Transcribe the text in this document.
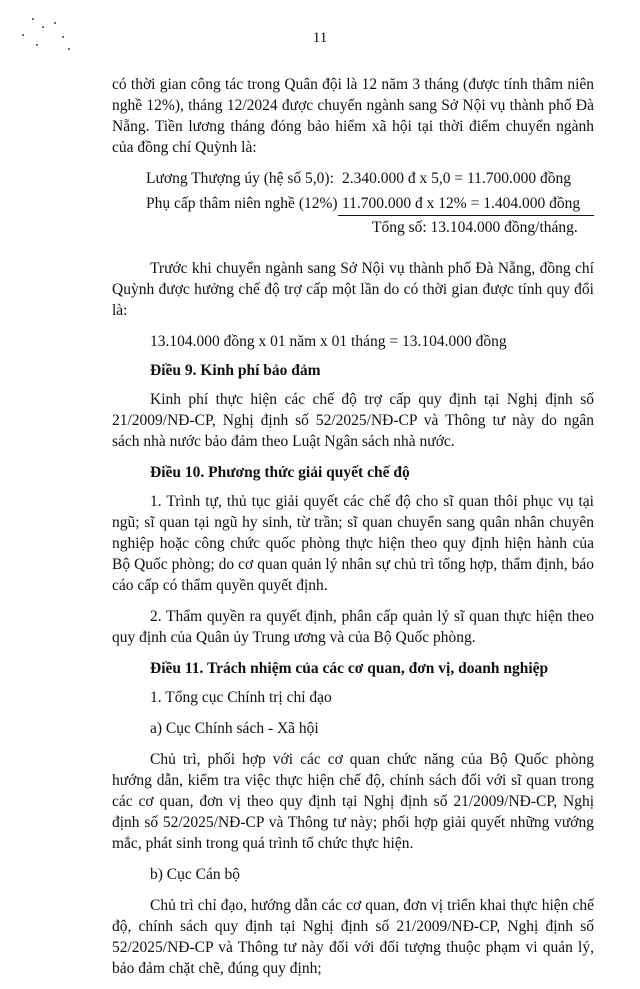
11

có thời gian công tác trong Quân đội là 12 năm 3 tháng (được tính thâm niên nghề 12%), tháng 12/2024 được chuyển ngành sang Sở Nội vụ thành phố Đà Nẵng. Tiền lương tháng đóng bảo hiểm xã hội tại thời điểm chuyển ngành của đồng chí Quỳnh là:

Lương Thượng úy (hệ số 5,0): 2.340.000 đ x 5,0 = 11.700.000 đồng
Phụ cấp thâm niên nghề (12%) 11.700.000 đ x 12% = 1.404.000 đồng
Tổng số: 13.104.000 đồng/tháng.

Trước khi chuyển ngành sang Sở Nội vụ thành phố Đà Nẵng, đồng chí Quỳnh được hưởng chế độ trợ cấp một lần do có thời gian được tính quy đổi là:

13.104.000 đồng x 01 năm x 01 tháng = 13.104.000 đồng

Điều 9. Kinh phí bảo đảm

Kinh phí thực hiện các chế độ trợ cấp quy định tại Nghị định số 21/2009/NĐ-CP, Nghị định số 52/2025/NĐ-CP và Thông tư này do ngân sách nhà nước bảo đảm theo Luật Ngân sách nhà nước.

Điều 10. Phương thức giải quyết chế độ

1. Trình tự, thủ tục giải quyết các chế độ cho sĩ quan thôi phục vụ tại ngũ; sĩ quan tại ngũ hy sinh, từ trần; sĩ quan chuyển sang quân nhân chuyên nghiệp hoặc công chức quốc phòng thực hiện theo quy định hiện hành của Bộ Quốc phòng; do cơ quan quản lý nhân sự chủ trì tổng hợp, thẩm định, báo cáo cấp có thẩm quyền quyết định.

2. Thẩm quyền ra quyết định, phân cấp quản lý sĩ quan thực hiện theo quy định của Quân ủy Trung ương và của Bộ Quốc phòng.

Điều 11. Trách nhiệm của các cơ quan, đơn vị, doanh nghiệp

1. Tổng cục Chính trị chỉ đạo

a) Cục Chính sách - Xã hội

Chủ trì, phối hợp với các cơ quan chức năng của Bộ Quốc phòng hướng dẫn, kiểm tra việc thực hiện chế độ, chính sách đối với sĩ quan trong các cơ quan, đơn vị theo quy định tại Nghị định số 21/2009/NĐ-CP, Nghị định số 52/2025/NĐ-CP và Thông tư này; phối hợp giải quyết những vướng mắc, phát sinh trong quá trình tổ chức thực hiện.

b) Cục Cán bộ

Chủ trì chỉ đạo, hướng dẫn các cơ quan, đơn vị triển khai thực hiện chế độ, chính sách quy định tại Nghị định số 21/2009/NĐ-CP, Nghị định số 52/2025/NĐ-CP và Thông tư này đối với đối tượng thuộc phạm vi quản lý, bảo đảm chặt chẽ, đúng quy định;
